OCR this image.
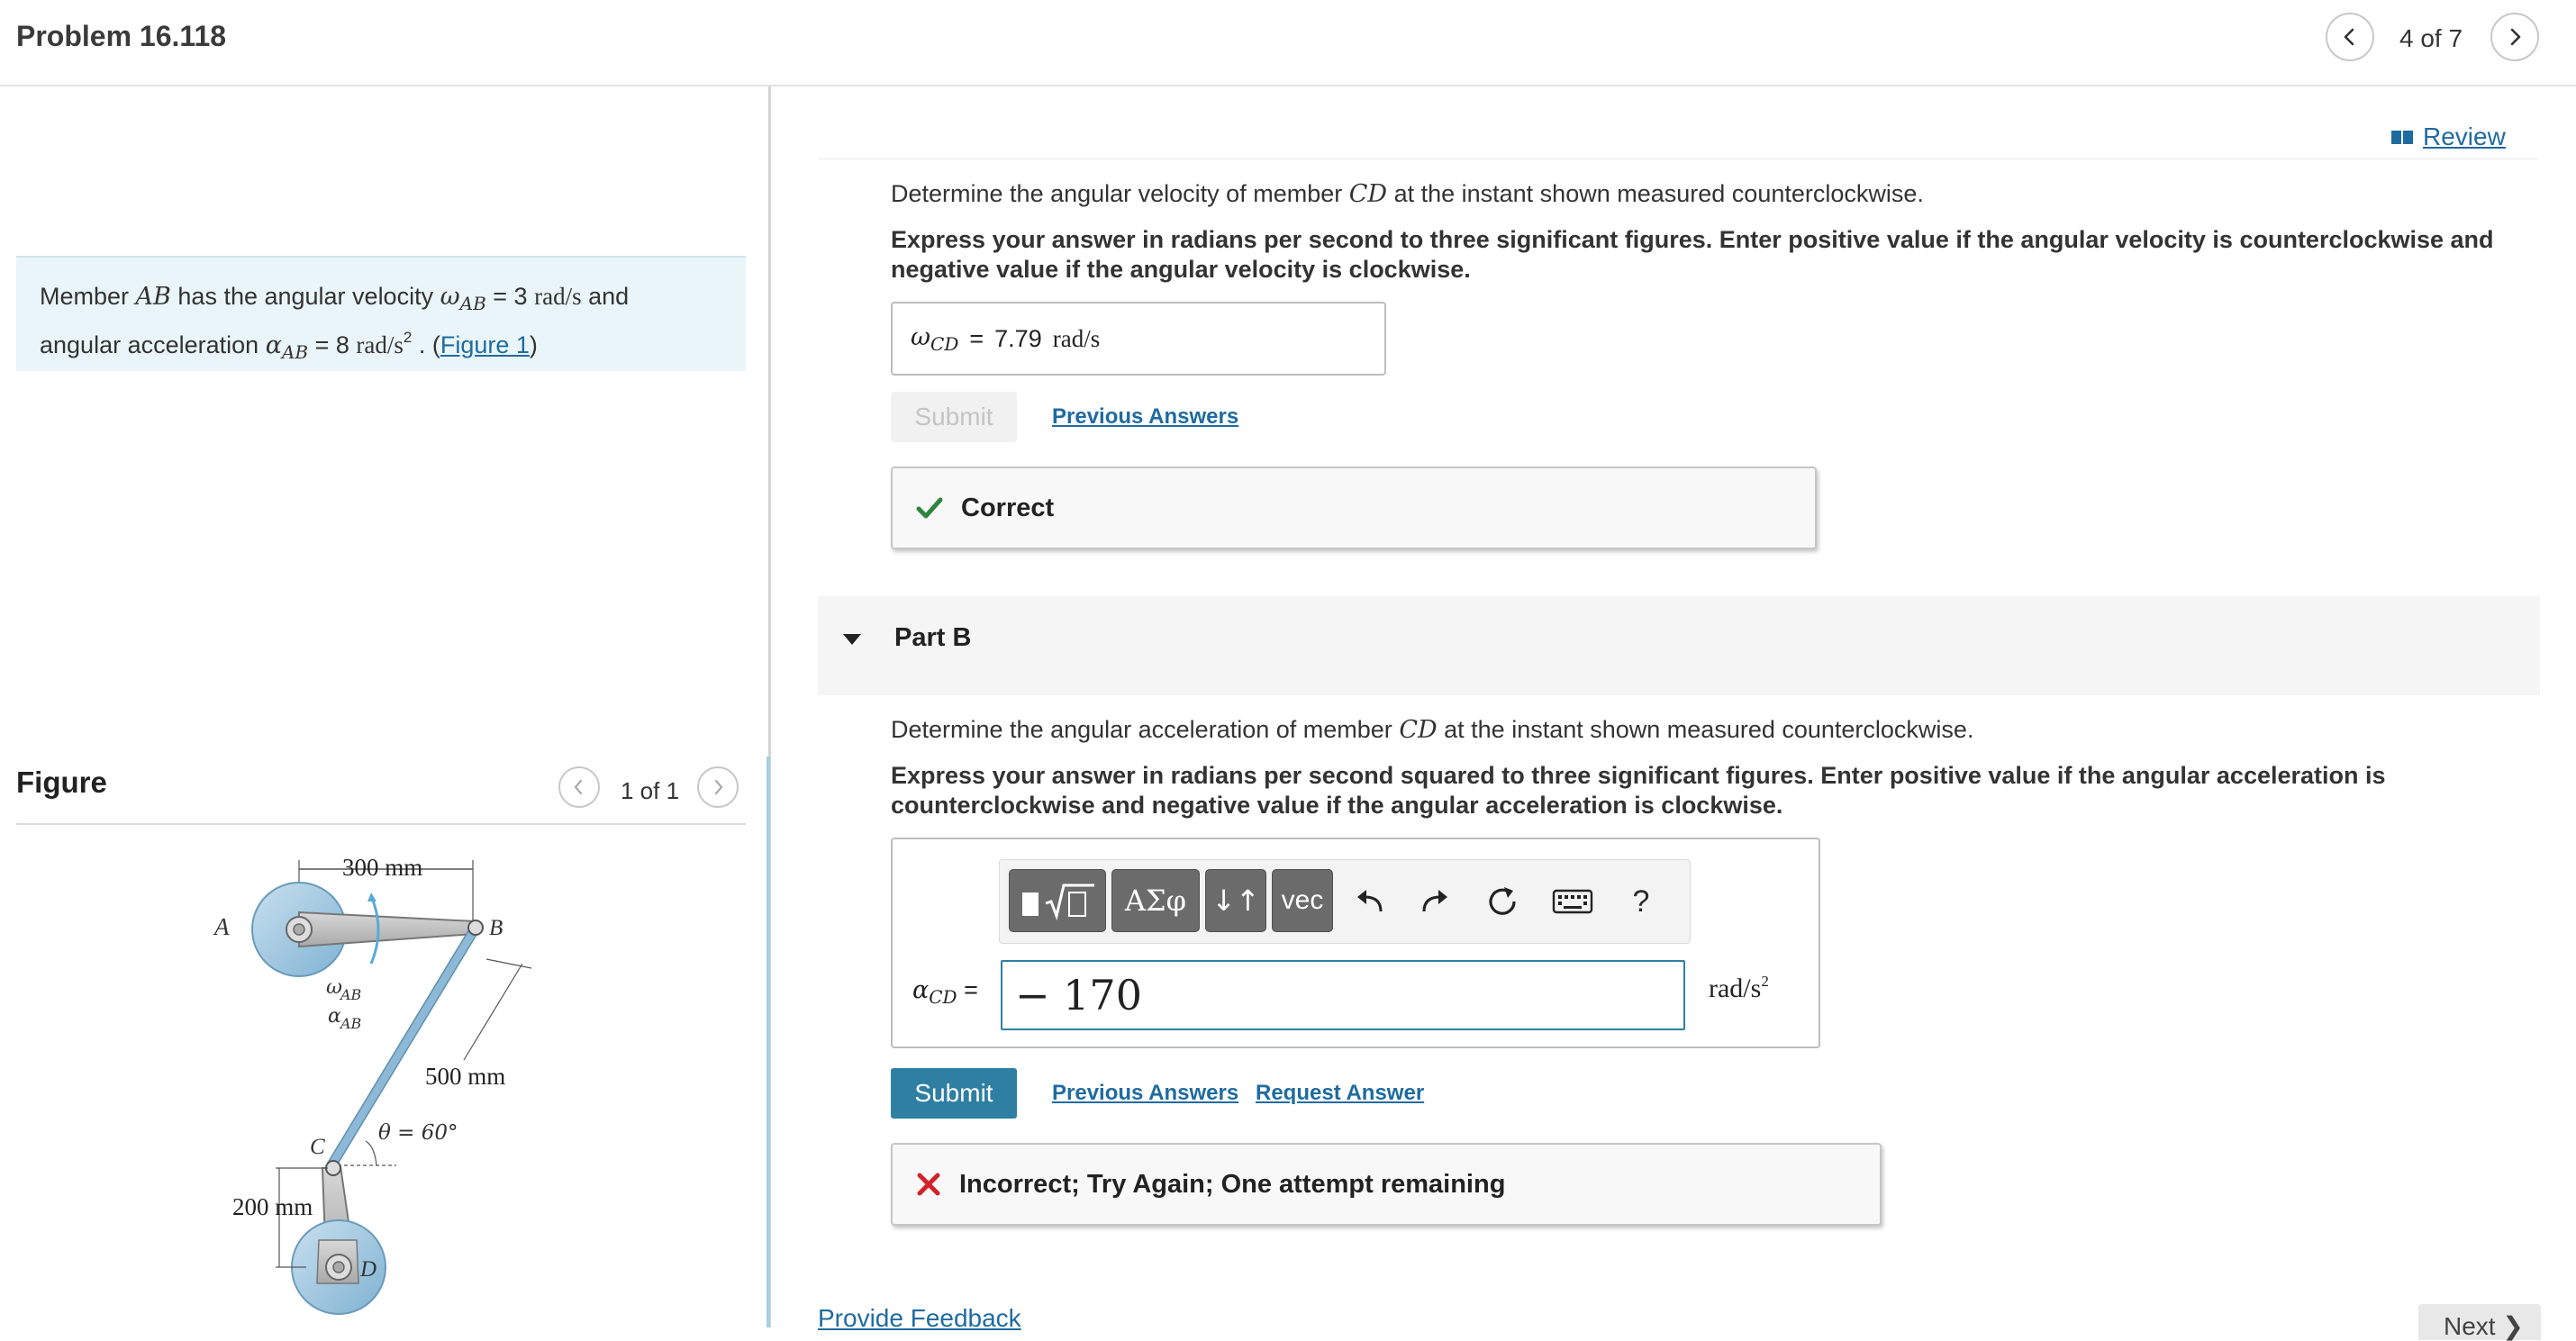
Problem 16.118	4 of 7
Member AB has the angular velocity $\omega_{AB} = 3$ rad/s and
angular acceleration $\alpha_{AB} = 8$ rad/$s^2$ . (Figure 1)
Figure	1 of 1
300 mm
A
ω
AB
α AB
B
500 mm
θ = 60°
C
D
200 mm
Review
Determine the angular velocity of member CD at the instant shown measured counterclockwise.
Express your answer in radians per second to three significant figures. Enter positive value if the angular velocity is counterclockwise and negative value if the angular velocity is clockwise.
$\omega_{CD} = 7.79$ rad/s
Submit	Previous Answers
Correct
Part B
Determine the angular acceleration of member CD at the instant shown measured counterclockwise.
Express your answer in radians per second squared to three significant figures. Enter positive value if the angular acceleration is counterclockwise and negative value if the angular acceleration is clockwise.
ΑΣφ ↓↑ vec	?
$\alpha_{CD}$ = − 170	rad/$s^2$
Submit	Previous Answers Request Answer
Incorrect; Try Again; One attempt remaining
Provide Feedback	Next ❯
